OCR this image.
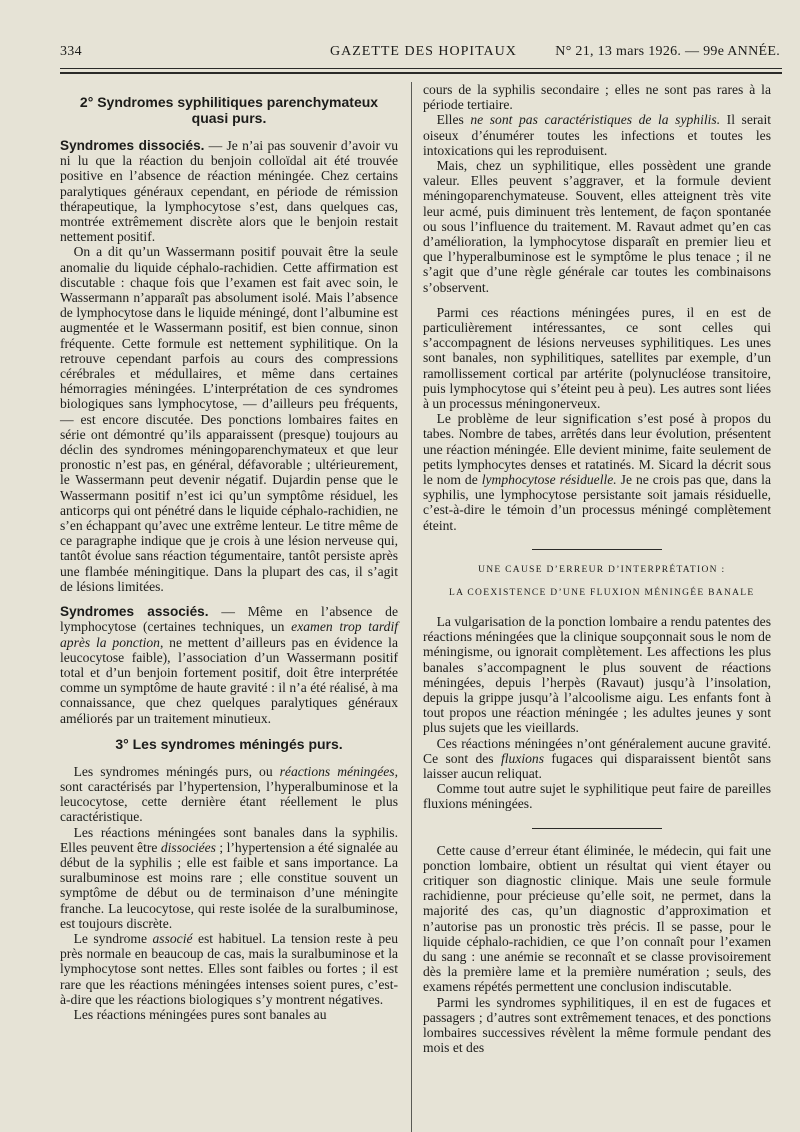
334	GAZETTE DES HOPITAUX	N° 21, 13 mars 1926. — 99e ANNÉE.
2° Syndromes syphilitiques parenchymateux quasi purs.

Syndromes dissociés. — Je n’ai pas souvenir d’avoir vu ni lu que la réaction du benjoin colloïdal ait été trouvée positive en l’absence de réaction méningée. Chez certains paralytiques généraux cependant, en période de rémission thérapeutique, la lymphocytose s’est, dans quelques cas, montrée extrêmement discrète alors que le benjoin restait nettement positif.

On a dit qu’un Wassermann positif pouvait être la seule anomalie du liquide céphalo-rachidien. Cette affirmation est discutable : chaque fois que l’examen est fait avec soin, le Wassermann n’apparaît pas absolument isolé. Mais l’absence de lymphocytose dans le liquide méningé, dont l’albumine est augmentée et le Wassermann positif, est bien connue, sinon fréquente. Cette formule est nettement syphilitique. On la retrouve cependant parfois au cours des compressions cérébrales et médullaires, et même dans certaines hémorragies méningées. L’interprétation de ces syndromes biologiques sans lymphocytose, — d’ailleurs peu fréquents, — est encore discutée. Des ponctions lombaires faites en série ont démontré qu’ils apparaissent (presque) toujours au déclin des syndromes méningoparenchymateux et que leur pronostic n’est pas, en général, défavorable ; ultérieurement, le Wassermann peut devenir négatif. Dujardin pense que le Wassermann positif n’est ici qu’un symptôme résiduel, les anticorps qui ont pénétré dans le liquide céphalo-rachidien, ne s’en échappant qu’avec une extrême lenteur. Le titre même de ce paragraphe indique que je crois à une lésion nerveuse qui, tantôt évolue sans réaction tégumentaire, tantôt persiste après une flambée méningitique. Dans la plupart des cas, il s’agit de lésions limitées.

Syndromes associés. — Même en l’absence de lymphocytose (certaines techniques, un examen trop tardif après la ponction, ne mettent d’ailleurs pas en évidence la leucocytose faible), l’association d’un Wassermann positif total et d’un benjoin fortement positif, doit être interprétée comme un symptôme de haute gravité : il n’a été réalisé, à ma connaissance, que chez quelques paralytiques généraux améliorés par un traitement minutieux.

3° Les syndromes méningés purs.

Les syndromes méningés purs, ou réactions méningées, sont caractérisés par l’hypertension, l’hyperalbuminose et la leucocytose, cette dernière étant réellement le plus caractéristique.

Les réactions méningées sont banales dans la syphilis. Elles peuvent être dissociées ; l’hypertension a été signalée au début de la syphilis ; elle est faible et sans importance. La suralbuminose est moins rare ; elle constitue souvent un symptôme de début ou de terminaison d’une méningite franche. La leucocytose, qui reste isolée de la suralbuminose, est toujours discrète.

Le syndrome associé est habituel. La tension reste à peu près normale en beaucoup de cas, mais la suralbuminose et la lymphocytose sont nettes. Elles sont faibles ou fortes ; il est rare que les réactions méningées intenses soient pures, c’est-à-dire que les réactions biologiques s’y montrent négatives.

Les réactions méningées pures sont banales au

cours de la syphilis secondaire ; elles ne sont pas rares à la période tertiaire.

Elles ne sont pas caractéristiques de la syphilis. Il serait oiseux d’énumérer toutes les infections et toutes les intoxications qui les reproduisent.

Mais, chez un syphilitique, elles possèdent une grande valeur. Elles peuvent s’aggraver, et la formule devient méningoparenchymateuse. Souvent, elles atteignent très vite leur acmé, puis diminuent très lentement, de façon spontanée ou sous l’influence du traitement. M. Ravaut admet qu’en cas d’amélioration, la lymphocytose disparaît en premier lieu et que l’hyperalbuminose est le symptôme le plus tenace ; il ne s’agit que d’une règle générale car toutes les combinaisons s’observent.

Parmi ces réactions méningées pures, il en est de particulièrement intéressantes, ce sont celles qui s’accompagnent de lésions nerveuses syphilitiques. Les unes sont banales, non syphilitiques, satellites par exemple, d’un ramollissement cortical par artérite (polynucléose transitoire, puis lymphocytose qui s’éteint peu à peu). Les autres sont liées à un processus méningonerveux.

Le problème de leur signification s’est posé à propos du tabes. Nombre de tabes, arrêtés dans leur évolution, présentent une réaction méningée. Elle devient minime, faite seulement de petits lymphocytes denses et ratatinés. M. Sicard la décrit sous le nom de lymphocytose résiduelle. Je ne crois pas que, dans la syphilis, une lymphocytose persistante soit jamais résiduelle, c’est-à-dire le témoin d’un processus méningé complètement éteint.

UNE CAUSE D’ERREUR D’INTERPRÉTATION :

LA COEXISTENCE D’UNE FLUXION MÉNINGÉE BANALE

La vulgarisation de la ponction lombaire a rendu patentes des réactions méningées que la clinique soupçonnait sous le nom de méningisme, ou ignorait complètement. Les affections les plus banales s’accompagnent le plus souvent de réactions méningées, depuis l’herpès (Ravaut) jusqu’à l’insolation, depuis la grippe jusqu’à l’alcoolisme aigu. Les enfants font à tout propos une réaction méningée ; les adultes jeunes y sont plus sujets que les vieillards.

Ces réactions méningées n’ont généralement aucune gravité. Ce sont des fluxions fugaces qui disparaissent bientôt sans laisser aucun reliquat.

Comme tout autre sujet le syphilitique peut faire de pareilles fluxions méningées.

Cette cause d’erreur étant éliminée, le médecin, qui fait une ponction lombaire, obtient un résultat qui vient étayer ou critiquer son diagnostic clinique. Mais une seule formule rachidienne, pour précieuse qu’elle soit, ne permet, dans la majorité des cas, qu’un diagnostic d’approximation et n’autorise pas un pronostic très précis. Il se passe, pour le liquide céphalo-rachidien, ce que l’on connaît pour l’examen du sang : une anémie se reconnaît et se classe provisoirement dès la première lame et la première numération ; seuls, des examens répétés permettent une conclusion indiscutable.

Parmi les syndromes syphilitiques, il en est de fugaces et passagers ; d’autres sont extrêmement tenaces, et des ponctions lombaires successives révèlent la même formule pendant des mois et des
